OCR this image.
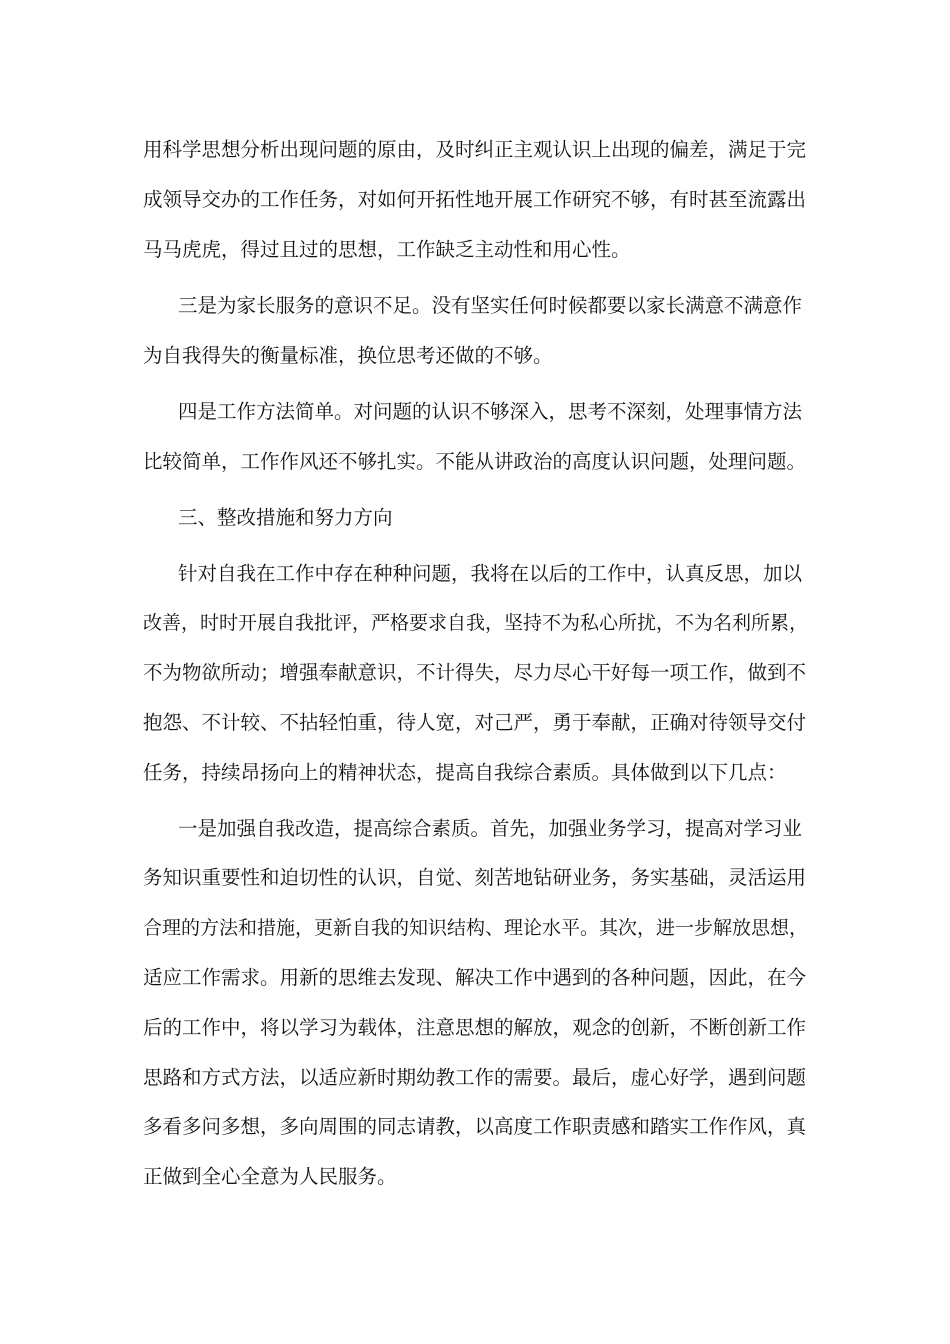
用科学思想分析出现问题的原由，及时纠正主观认识上出现的偏差，满足于完
成领导交办的工作任务，对如何开拓性地开展工作研究不够，有时甚至流露出
马马虎虎，得过且过的思想，工作缺乏主动性和用心性。
三是为家长服务的意识不足。没有坚实任何时候都要以家长满意不满意作
为自我得失的衡量标准，换位思考还做的不够。
四是工作方法简单。对问题的认识不够深入，思考不深刻，处理事情方法
比较简单，工作作风还不够扎实。不能从讲政治的高度认识问题，处理问题。
三、整改措施和努力方向
针对自我在工作中存在种种问题，我将在以后的工作中，认真反思，加以
改善，时时开展自我批评，严格要求自我，坚持不为私心所扰，不为名利所累，
不为物欲所动；增强奉献意识，不计得失，尽力尽心干好每一项工作，做到不
抱怨、不计较、不拈轻怕重，待人宽，对己严，勇于奉献，正确对待领导交付
任务，持续昂扬向上的精神状态，提高自我综合素质。具体做到以下几点：
一是加强自我改造，提高综合素质。首先，加强业务学习，提高对学习业
务知识重要性和迫切性的认识，自觉、刻苦地钻研业务，务实基础，灵活运用
合理的方法和措施，更新自我的知识结构、理论水平。其次，进一步解放思想，
适应工作需求。用新的思维去发现、解决工作中遇到的各种问题，因此，在今
后的工作中，将以学习为载体，注意思想的解放，观念的创新，不断创新工作
思路和方式方法，以适应新时期幼教工作的需要。最后，虚心好学，遇到问题
多看多问多想，多向周围的同志请教，以高度工作职责感和踏实工作作风，真
正做到全心全意为人民服务。
